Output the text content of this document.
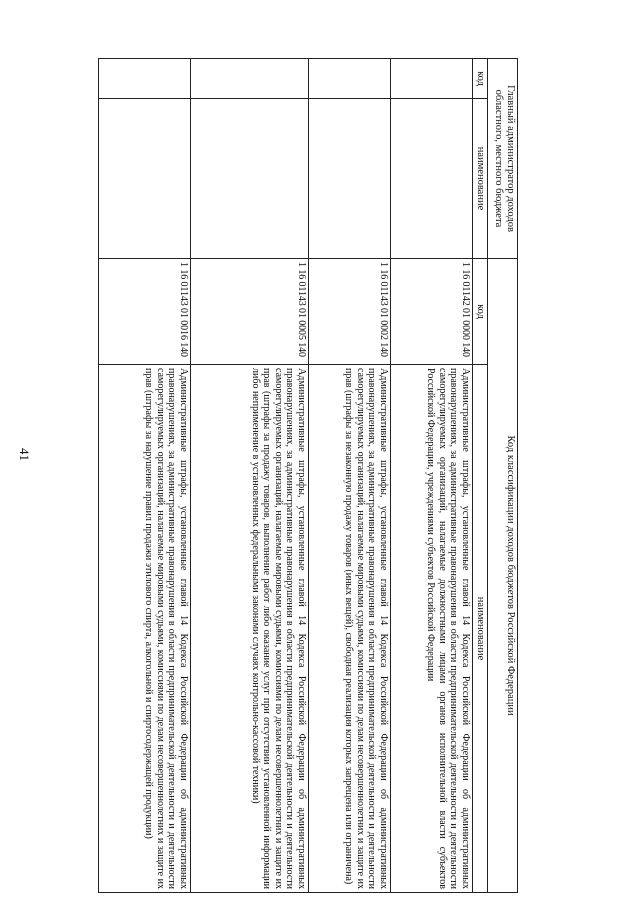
41
Главный администратор доходов областного, местного бюджета		Код классификации доходов бюджетов Российской Федерации	
код	наименование	код	наименование
		1 16 01142 01 0000 140	Административные штрафы, установленные главой 14 Кодекса Российской Федерации об административных правонарушениях, за административные правонарушения в области предпринимательской деятельности и деятельности саморегулируемых организаций, налагаемые должностными лицами органов исполнительной власти субъектов Российской Федерации, учреждениями субъектов Российской Федерации
		1 16 01143 01 0002 140	Административные штрафы, установленные главой 14 Кодекса Российской Федерации об административных правонарушениях, за административные правонарушения в области предпринимательской деятельности и деятельности саморегулируемых организаций, налагаемые мировыми судьями, комиссиями по делам несовершеннолетних и защите их прав (штрафы за незаконную продажу товаров (иных вещей), свободная реализация которых запрещена или ограничена)
		1 16 01143 01 0005 140	Административные штрафы, установленные главой 14 Кодекса Российской Федерации об административных правонарушениях, за административные правонарушения в области предпринимательской деятельности и деятельности саморегулируемых организаций, налагаемые мировыми судьями, комиссиями по делам несовершеннолетних и защите их прав (штрафы за продажу товаров, выполнение работ либо оказание услуг при отсутствии установленной информации либо неприменение в установленных федеральными законами случаях контрольно-кассовой техники)
		1 16 01143 01 0016 140	Административные штрафы, установленные главой 14 Кодекса Российской Федерации об административных правонарушениях, за административные правонарушения в области предпринимательской деятельности и деятельности саморегулируемых организаций, налагаемые мировыми судьями, комиссиями по делам несовершеннолетних и защите их прав (штрафы за нарушение правил продажи этилового спирта, алкогольной и спиртосодержащей продукции)
